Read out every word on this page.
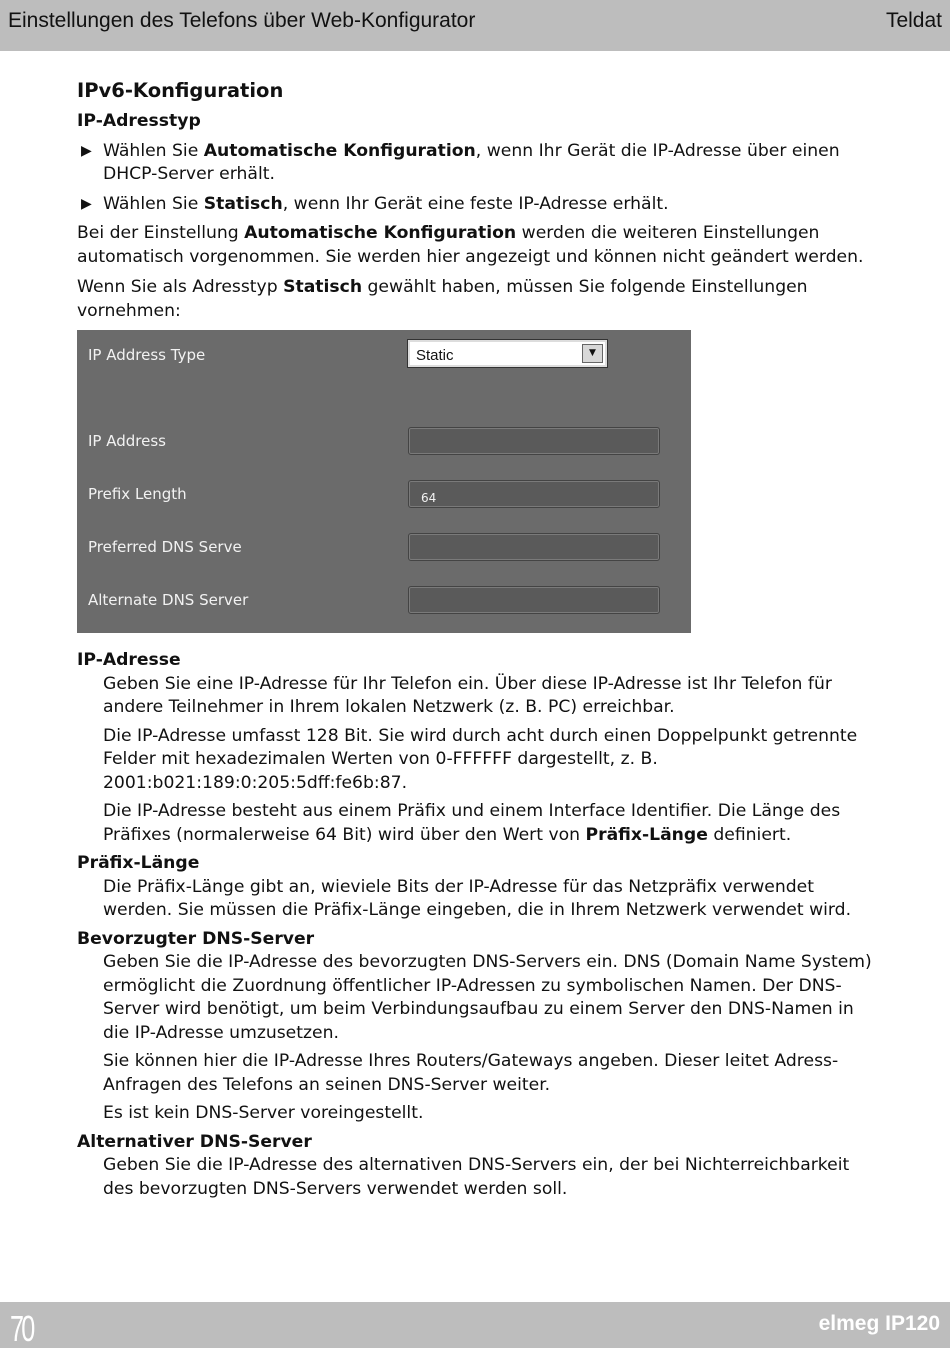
Einstellungen des Telefons über Web-Konfigurator	Teldat
IPv6-Konfiguration
IP-Adresstyp
▶ Wählen Sie Automatische Konfiguration, wenn Ihr Gerät die IP-Adresse über einen DHCP-Server erhält.
▶ Wählen Sie Statisch, wenn Ihr Gerät eine feste IP-Adresse erhält.

Bei der Einstellung Automatische Konfiguration werden die weiteren Einstellungen automatisch vorgenommen. Sie werden hier angezeigt und können nicht geändert werden.

Wenn Sie als Adresstyp Statisch gewählt haben, müssen Sie folgende Einstellungen vornehmen:

IP Address Type	Static	▼
IP Address
Prefix Length	64
Preferred DNS Serve
Alternate DNS Server
IP-Adresse
Geben Sie eine IP-Adresse für Ihr Telefon ein. Über diese IP-Adresse ist Ihr Telefon für andere Teilnehmer in Ihrem lokalen Netzwerk (z. B. PC) erreichbar.
Die IP-Adresse umfasst 128 Bit. Sie wird durch acht durch einen Doppelpunkt getrennte Felder mit hexadezimalen Werten von 0-FFFFFF dargestellt, z. B. 2001:b021:189:0:205:5dff:fe6b:87.
Die IP-Adresse besteht aus einem Präfix und einem Interface Identifier. Die Länge des Präfixes (normalerweise 64 Bit) wird über den Wert von Präfix-Länge definiert.
Präfix-Länge
Die Präfix-Länge gibt an, wieviele Bits der IP-Adresse für das Netzpräfix verwendet werden. Sie müssen die Präfix-Länge eingeben, die in Ihrem Netzwerk verwendet wird.
Bevorzugter DNS-Server
Geben Sie die IP-Adresse des bevorzugten DNS-Servers ein. DNS (Domain Name System) ermöglicht die Zuordnung öffentlicher IP-Adressen zu symbolischen Namen. Der DNS-Server wird benötigt, um beim Verbindungsaufbau zu einem Server den DNS-Namen in die IP-Adresse umzusetzen.
Sie können hier die IP-Adresse Ihres Routers/Gateways angeben. Dieser leitet Adress-Anfragen des Telefons an seinen DNS-Server weiter.
Es ist kein DNS-Server voreingestellt.
Alternativer DNS-Server
Geben Sie die IP-Adresse des alternativen DNS-Servers ein, der bei Nichterreichbarkeit des bevorzugten DNS-Servers verwendet werden soll.
70	elmeg IP120
